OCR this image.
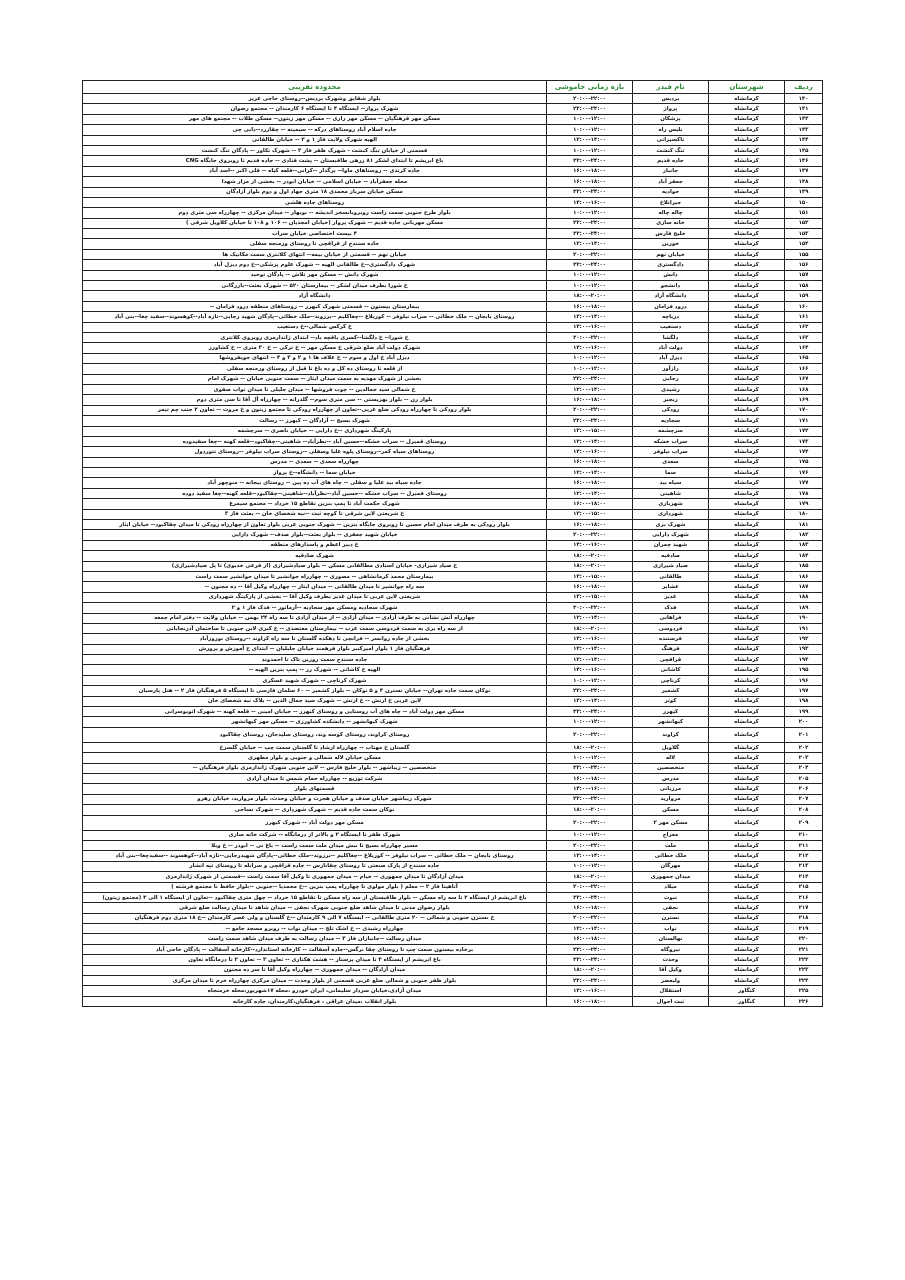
ردیف	شهرستان	نام فیدر	بازه زمانی خاموشی	محدوده تقریبی
۱۴۰	کرمانشاه	بردیس	۲۰:۰۰-۲۲:۰۰	بلوار شقایق وشهرک بردیس--روستای حاجی عزیز
۱۴۱	کرمانشاه	پرواز	۲۲:۰۰-۲۴:۰۰	شهرک پرواز-- ایستگاه ۴ تا ایستگاه ۶ کارمندان -- مجتمع رضوان
۱۴۲	کرمانشاه	پزشکان	۱۰:۰۰-۱۲:۰۰	مسکن مهر فرهنگیان -- مسکن مهر رازی -- مسکن مهر زیتون-- مسکن طلاب -- مجتمع های مهر
۱۴۳	کرمانشاه	بلبس راه	۱۰:۰۰-۱۲:۰۰	جاده اسلام آباد روستاهای درکه -- سیمینه -- چقازرد--دایی چی
۱۴۴	کرمانشاه	تاکسیرانی	۱۲:۰۰-۱۴:۰۰	الهیه شهرک ولایت فاز ۱ و ۲ -- خیابان طالقانی
۱۴۵	کرمانشاه	تنگ کنشت	۱۰:۰۰-۱۲:۰۰	قسمتی از خیابان تنگ کنشت - شهرک ظفر فاز ۳ -- شهرک تکاور -- پادگان تنگ کنشت
۱۴۶	کرمانشاه	جاده قدیم	۲۲:۰۰-۲۴:۰۰	باغ ابریشم تا ابتدای لشکر ۸۱ زرهی طاقبستان -- پشت قنادی -- جاده قدیم تا روبروی جایگاه CNG
۱۴۷	کرمانشاه	جانباز	۱۶:۰۰-۱۸:۰۰	جاده کرندی -- روستاهای ماوا-- برگدار --کرانی--قلعه کیاه -- قلی اکبر --اسد آباد
۱۴۸	کرمانشاه	جعفر آباد	۱۶:۰۰-۱۸:۰۰	محله جعفرآباد -- خیابان اسلامی -- خیابان ابوذر -- بخشی از مزار شهدا
۱۴۹	کرمانشاه	جوادیه	۲۲:۰۰-۲۴:۰۰	مسکن خیابان سرباز محمدی ۱۸ متری جهاد اول و دوم بلوار آزادگان
۱۵۰	کرمانشاه	جیرانلاخ	۱۴:۰۰-۱۶:۰۰	روستاهای جاده هلشی
۱۵۱	کرمانشاه	چاله چاله	۱۰:۰۰-۱۲:۰۰	بلوار طرح جنوبی سمت راست روبروبانسخر اندیشه -- نوبهار -- میدان مرکزی -- چهارراه سی متری دوم
۱۵۲	کرمانشاه	خانه سازی	۲۲:۰۰-۲۴:۰۰	مسکن مهربانی جاده قدیم -- شهرک پرواز (خیابان امجدیان -- ۱۰۶ و ۱۰۸ تا خیابان کلاویل شرقی )
۱۵۳	کرمانشاه	خلیج فارس	۲۲:۰۰-۲۴:۰۰	۴ بیست اختصاصی خیابان سراب
۱۵۴	کرمانشاه	خورین	۱۲:۰۰-۱۴:۰۰	جاده سنندج از قراقچی تا روستای ورمنجه سفلی
۱۵۵	کرمانشاه	خیابان نهم	۲۰:۰۰-۲۲:۰۰	خیابان نهم -- قسمتی از خیابان بیمه-- انتهای کلانتری سمت مکانیک ها
۱۵۶	کرمانشاه	دادگستری	۲۲:۰۰-۲۴:۰۰	شهرک دادگستری--خ طالقانی الهیه -- شهرک علوم پزشکی--خ دوم دیزل آباد
۱۵۷	کرمانشاه	دانش	۱۰:۰۰-۱۲:۰۰	شهرک دانش -- مسکن مهر تلاش -- پادگان توحید
۱۵۸	کرمانشاه	دانشجو	۱۰:۰۰-۱۲:۰۰	خ شورا بطرف میدان لشکر -- بیمارستان ۵۲۰ -- شهرک بعثت--بازرگانی
۱۵۹	کرمانشاه	دانشگاه آزاد	۱۸:۰۰-۲۰:۰۰	دانشگاه آزاد
۱۶۰	کرمانشاه	درود فرامان	۱۶:۰۰-۱۸:۰۰	بیمارستان بیستون -- قسمتی شهرک کیهرز -- روستاهای منطقه درود فرامان --
۱۶۱	کرمانشاه	دریاچه	۱۲:۰۰-۱۴:۰۰	روستای بابجان -- ملک خطائی -- سراب نیلوفر -- کوریلاغ --چغاکلیم --برزوند--ملک خطائی--پادگان شهید رجایی--تازه آباد--کوهسوند--سفید چغا--بنی آباد
۱۶۲	کرمانشاه	دستغیب	۱۴:۰۰-۱۶:۰۰	خ کرکس شمالی--خ دستغیب
۱۶۳	کرمانشاه	دلگشا	۲۰:۰۰-۲۲:۰۰	خ شورا-- خ دلگشا--کسری یاقچه باد-- ابتدای ژاندارمری روبروی کلانتری
۱۶۴	کرمانشاه	دولت آباد	۱۴:۰۰-۱۶:۰۰	شهرک دولت آباد ضلع شرقی خ مسکن مهر -- خ ترکی -- خ ۳۰ متری -- خ کشاورز
۱۶۵	کرمانشاه	دیزل آباد	۱۰:۰۰-۱۲:۰۰	دیزل آباد خ اول و سوم -- خ علاف ها ۱ و ۲ و ۳ و ۴ -- انتهای جویفروشها
۱۶۶	کرمانشاه	رازآور	۱۰:۰۰-۱۲:۰۰	از قلعه تا روستای ده کل و ده باغ تا قبل از روستای ورمنجه سفلی
۱۶۷	کرمانشاه	رجایی	۲۲:۰۰-۲۴:۰۰	بخشی از شهرک مهدیه به سمت میدان ایثار -- سمت جنوبی خیابان -- شهرک امام
۱۶۸	کرمانشاه	رشیدی	۱۲:۰۰-۱۴:۰۰	خ شمالی سید جمالدین -- چوب فروشها -- میدان جلیلی تا میدان نواب صفوی
۱۶۹	کرمانشاه	رنجبر	۱۶:۰۰-۱۸:۰۰	بلوار زن -- بلوار بهزیستی -- سی متری سوم-- گلدرانه -- چهارراه آل آقا تا سی متری دوم
۱۷۰	کرمانشاه	رودکی	۲۰:۰۰-۲۲:۰۰	بلوار رودکی تا چهارراه رودکی ضلع غربی--تعاون از چهارراه رودکی تا مجتمع زیتون و خ مروت -- تعاون ۲ جنب چم تیمر
۱۷۱	کرمانشاه	سجادیه	۲۲:۰۰-۲۴:۰۰	شهرک بسیج -- آزادگان -- کیهرز -- رسالت
۱۷۲	کرمانشاه	سرچشمه	۱۳:۰۰-۱۵:۰۰	پارکینگ شهرداری --خ دارایی -- خیابان ناصری -- سرچشمه
۱۷۳	کرمانشاه	سراب خشکه	۱۲:۰۰-۱۴:۰۰	روستای قمبرل -- سراب خشکه--حسین آباد --نظرآباد-- شاهینی--چقاکبود--قلعه کهنه --چغا سفیدوده
۱۷۴	کرمانشاه	سراب نیلوفر	۱۴:۰۰-۱۶:۰۰	روستاهای سیاه کمر--روستای پلوه علیا وسفلی --روستای سراب نیلوفر --روستای تتوردول
۱۷۵	کرمانشاه	سعدی	۱۶:۰۰-۱۸:۰۰	چهارراه سعدی -- سعدی -- مدرس
۱۷۶	کرمانشاه	سما	۱۲:۰۰-۱۴:۰۰	خیابان سما -- دانشگاه--خ پرواز
۱۷۷	کرمانشاه	سیاه بید	۱۶:۰۰-۱۸:۰۰	جاده سیاه بید علیا و سفلی -- چاه های آب ده پین -- روستای بیجانه -- منوچهر آباد
۱۷۸	کرمانشاه	شاهینی	۱۲:۰۰-۱۴:۰۰	روستای قمبرل -- سراب خشکه --حسین آباد--نظرآباد--شاهینی--چقاکبود--قلعه کهنه--چغا سفید دوده
۱۷۹	کرمانشاه	شهربازی	۱۶:۰۰-۱۸:۰۰	شهرک حکمت آباد تا پمپ بنزین تقاطع ۱۵ خرداد -- مجتمع سیمرغ
۱۸۰	کرمانشاه	شهرداری	۱۳:۰۰-۱۵:۰۰	خ شریعتی لاین شرقی تا کوچه ثبت --نبه شخصای خان -- بعثت فاز ۳
۱۸۱	کرمانشاه	شهرک بری	۱۶:۰۰-۱۸:۰۰	بلوار رودکی به طرف میدان امام حسین تا روبروی جایگاه بنزین -- شهرک جنوبی غربی بلوار تعاون از چهارراه رودکی تا میدان چقاکبود-- خیابان ایثار
۱۸۲	کرمانشاه	شهرک دارایی	۲۰:۰۰-۲۲:۰۰	خیابان شهید جعفری -- بلوار بعثت--بلوار صدف-- شهرک دارایی
۱۸۳	کرمانشاه	شهید چمران	۱۴:۰۰-۱۶:۰۰	خ دبیر اعظم و پاسدارهای منطقه
۱۸۴	کرمانشاه	صادقیه	۱۸:۰۰-۲۰:۰۰	شهرک صادقیه
۱۸۵	کرمانشاه	صیاد شیرازی	۱۸:۰۰-۲۰:۰۰	خ صیاد شیرازی- خیابان استادی مطالقانی مسکن -- بلوار صیادشیرازی (از فرعی خدیوی) تا پل صیادشیرازی)
۱۸۶	کرمانشاه	طالقانی	۱۳:۰۰-۱۵:۰۰	بیمارستان محمد کرمانشاهی -- مصوری -- چهارراه جوانشیر تا میدان جوانشیر سمت راست
۱۸۷	کرمانشاه	عشایر	۱۶:۰۰-۱۸:۰۰	سه راه جوانشیر تا میدان طالقانی -- میدان ایثار -- چهارراه وکیل آقا -- ده مجنون --
۱۸۸	کرمانشاه	غدیر	۱۳:۰۰-۱۵:۰۰	شریعتی لاین غربی تا میدان غدیر بطرف وکیل آقا -- بخشی از پارکینگ شهرداری
۱۸۹	کرمانشاه	فدک	۲۰:۰۰-۲۲:۰۰	شهرک سجادیه ومسکن مهر سجادیه --آرماتور -- فدک فاز ۱ و ۲
۱۹۰	کرمانشاه	فراهانی	۱۲:۰۰-۱۴:۰۰	چهارراه آتش نشانی به طرف آزادی -- میدان آزادی -- از میدان آزادی تا سه راه ۲۴ بهمن -- خیابان ولایت -- دفتر امام جمعه
۱۹۱	کرمانشاه	فردوسی	۱۸:۰۰-۲۰:۰۰	از سه راه بری به سمت فردوسی سمت غرب -- بیمارستان معتضدی -- خ کبری لاین جنوبی تا ساختمان آذرنجابانی
۱۹۲	کرمانشاه	فرستنده	۱۴:۰۰-۱۶:۰۰	بخشی از جاده روانسر -- فرانچی تا دهکده گلستان تا سه راه کراوند --روستای نوروزآباد
۱۹۳	کرمانشاه	فرهنگ	۱۲:۰۰-۱۴:۰۰	فرهنگیان فاز ۱ بلوار امیرکبیر بلوار فرهمند خیابان جلیلیان -- ابتدای خ آموزش و پرورش
۱۹۴	کرمانشاه	قراقچی	۱۲:۰۰-۱۴:۰۰	جاده سنندج سمت روزین تاک تا احمدوند
۱۹۵	کرمانشاه	کاشانی	۱۴:۰۰-۱۶:۰۰	الهیه خ کاشانی -- شهرک رز -- پمپ بنزین الهیه --
۱۹۶	کرمانشاه	کرناچی	۱۰:۰۰-۱۲:۰۰	شهرک کرناچی -- شهرک شهید عسکری
۱۹۷	کرمانشاه	کشمیر	۲۲:۰۰-۲۴:۰۰	نوکان سمت جاده تهران-- خیابان نسترن ۴ و ۵ نوکان -- بلوار کشمیر -- ۶۰ سلمان فارسی تا ایستگاه ۵ فرهنگیان فاز ۲ -- هتل پارسیان
۱۹۸	کرمانشاه	کوثر	۱۲:۰۰-۱۴:۰۰	لاین غربی خ ارتش -- خ ارتش -- شهرک سید جمال الدین -- بلاک نبه شخصای خان
۱۹۹	کرمانشاه	کیهرز	۲۲:۰۰-۲۴:۰۰	مسکن مهر دولت آباد -- چاه های آب روستایی و روستای کیهرز -- خیابان امینی -- قلعه کهنه -- شهرک اتوبوسرانی
۲۰۰	کرمانشاه	کیهانشهر	۱۰:۰۰-۱۲:۰۰	شهرک کیهانشهر -- دانشکده کشاورزی -- مسکن مهر کیهانشهر
۲۰۱	کرمانشاه	کراوند	۲۰:۰۰-۲۲:۰۰	روستای کراوند، روستای کوسه وند، روستای سلیدجان، روستای چقاکبود
۲۰۲	کرمانشاه	گلاویل	۱۸:۰۰-۲۰:۰۰	گلستان خ مهتاب -- چهارراه ارشاد تا گلستان سمت چپ -- خیابان گلسرخ
۲۰۳	کرمانشاه	لاله	۱۰:۰۰-۱۲:۰۰	مسکن خیابان لاله شمالی و جنوبی و بلوار مطهری
۲۰۴	کرمانشاه	متخصصین	۲۲:۰۰-۲۴:۰۰	متخصصین -- زیباشهر -- بلوار خلیج فارس -- لاین جنوبی شهرک ژاندارمری بلوار فرهنگیان --
۲۰۵	کرمانشاه	مدرس	۱۶:۰۰-۱۸:۰۰	شرکت توزیع -- چهارراه حمام شمس تا میدان آزادی
۲۰۶	کرمانشاه	مرزبانی	۱۴:۰۰-۱۶:۰۰	قسمتهای بلوار
۲۰۷	کرمانشاه	مروارید	۲۲:۰۰-۲۴:۰۰	شهرک زیباشهر خیابان صدف و خیابان هجرت و خیابان وحدت، بلوار مروارید، خیابان رهرو
۲۰۸	کرمانشاه	مسکن	۱۸:۰۰-۲۰:۰۰	نوکان سمت جاده قدیم -- شهرک شهرداری -- شهرک نساجی
۲۰۹	کرمانشاه	مسکن مهر ۲	۲۰:۰۰-۲۲:۰۰	مسکن مهر دولت آباد -- شهرک کیهرز
۲۱۰	کرمانشاه	معراج	۱۰:۰۰-۱۲:۰۰	شهرک ظفر تا ایستگاه ۲ و بالاتر از درمانگاه -- شرکت خانه سازی
۲۱۱	کرمانشاه	ملت	۲۰:۰۰-۲۲:۰۰	مسیر چهارراه بسیج تا نبش میدان ملت سمت راست -- باغ نی -- ابوذر -- خ وبلا
۲۱۲	کرمانشاه	ملک خطائی	۱۲:۰۰-۱۴:۰۰	روستای بابجان -- ملک خطائی -- سراب نیلوفر -- کوریلاغ --چغاکلیم --برزوند--ملک خطائی--پادگان شهیدرجایی--تازه آباد--کوهسوند --سفیدچغا--بنی آباد
۲۱۳	کرمانشاه	مهرگان	۱۰:۰۰-۱۲:۰۰	جاده سنندج از پارک صنعتی تا روستای چقانارس -- جاده قراقچی و سرابله تا روستای تپه انشار
۲۱۴	کرمانشاه	میدان جمهوری	۱۸:۰۰-۲۰:۰۰	میدان آزادگان تا میدان جمهوری -- خیام -- میدان جمهوری تا وکیل آقا سمت راست --قسمتی از شهرک ژاندارمری
۲۱۵	کرمانشاه	میلاد	۲۰:۰۰-۲۲:۰۰	آتاهیتا فاز ۲ -- معلم ( بلوار مولوی تا چهارراه پمپ بنزین --خ محمدیا --جنوبی --بلوار حافظ تا مجتمع فرشته )
۲۱۶	کرمانشاه	نبوت	۲۲:۰۰-۲۴:۰۰	باغ ابریشم از ایستگاه ۲ تا سه راه مسکن -- بلوار طاقبستان از سه راه مسکن تا تقاطع ۱۵ خرداد -- چهل متری چقاکبود --تعاون از ایستگاه ۱ الی ۴ (مجتمع زیتون)
۲۱۷	کرمانشاه	نجفی	۱۶:۰۰-۱۸:۰۰	بلوار رضوان مدنی تا میدان شاهد ضلع جنوبی شهرک نجفی -- میدان شاهد تا میدان رسالت ضلع شرقی
۲۱۸	کرمانشاه	نسترن	۲۰:۰۰-۲۲:۰۰	خ نسترن جنوبی و شمالی -- ۲۰ متری طالقانی -- ایستگاه ۷ الی ۹ کارمندان --خ گلستان و ولی عصر کارمندان --خ ۱۸ متری دوم فرهنگیان
۲۱۹	کرمانشاه	نواب	۱۲:۰۰-۱۴:۰۰	چهارراه رشیدی -- خ اشک تلخ -- میدان نواب -- روبرو مسجد جامع --
۲۲۰	کرمانشاه	نهالستان	۱۶:۰۰-۱۸:۰۰	میدان رسالت --جانبازان فاز ۳ -- میدان رسالت به طرف میدان شاهد سمت راست
۲۲۱	کرمانشاه	نیروگاه	۲۲:۰۰-۲۴:۰۰	برخاده بیستون سمت چپ تا روستای چقا نرگس--جاده آسفالت -- کارخانه استاندارد--کارخانه آسفالت -- پادگان حاجی آباد
۲۲۲	کرمانشاه	وحدت	۲۲:۰۰-۲۴:۰۰	باغ ابریشم از ایستگاه ۴ تا میدان پرستار -- هشت هکتاری -- تعاون ۳ -- تعاون ۲ تا درمانگاه تعاون
۲۲۳	کرمانشاه	وکیل آقا	۱۸:۰۰-۲۰:۰۰	میدان آزادگان -- میدان جمهوری -- چهارراه وکیل آقا تا سر ده مجنون
۲۲۴	کرمانشاه	ولیعصر	۲۲:۰۰-۲۴:۰۰	بلوار ظفر جنوبی و شمالی ضلع غربی قسمتی از بلوار وحدت -- میدان مرکزی چهارراه خرم تا میدان مرکزی
۲۲۵	کنگاور	استقلال	۱۴:۰۰-۱۶:۰۰	میدان آزادی،خیابان سردار سلیمانی، ایران خودرو ،محله ۱۷شهریور،محله خرمنجاه
۲۲۶	کنگاور	ثبت احوال	۱۶:۰۰-۱۸:۰۰	بلوار انقلاب ،میدان عراقی ، فرهنگیان،کارمندان، جاده کارخانه
